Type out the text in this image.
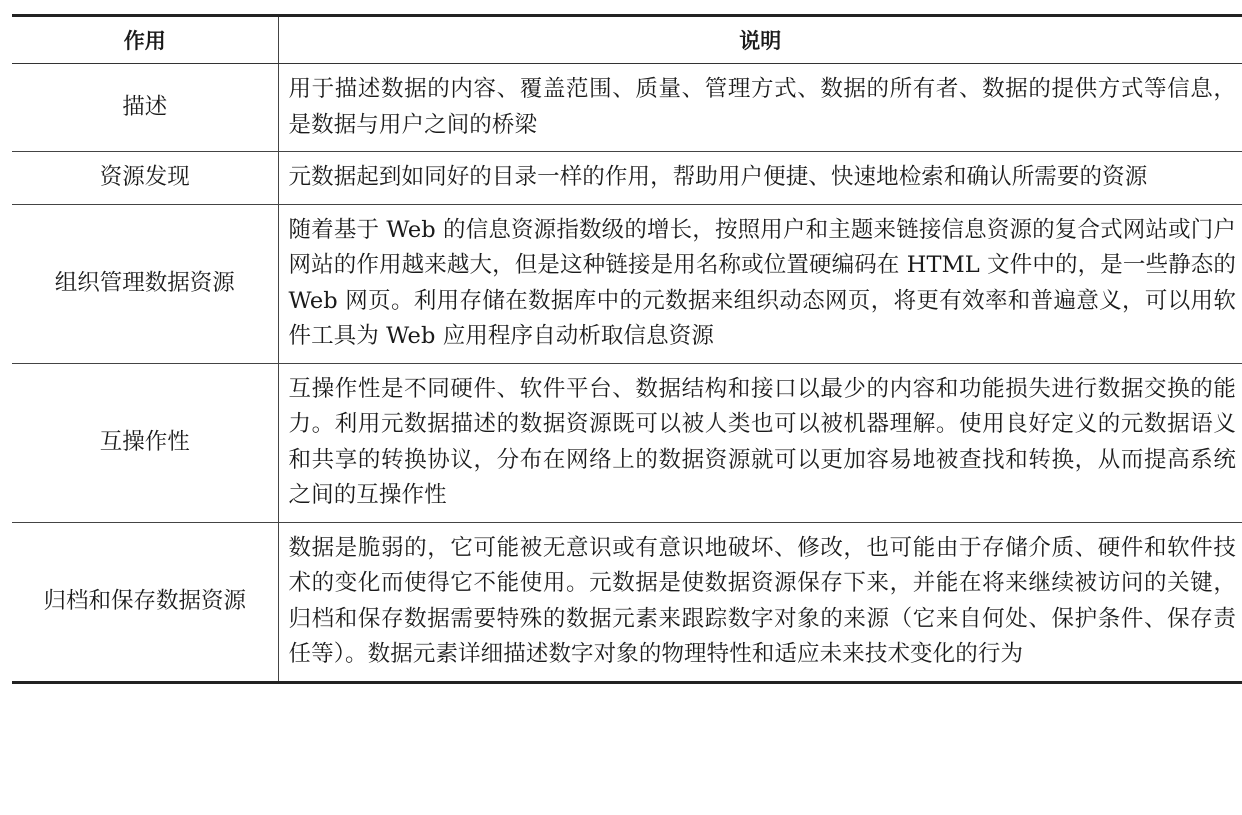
作用	说明
描述	用于描述数据的内容、覆盖范围、质量、管理方式、数据的所有者、数据的提供方式等信息，是数据与用户之间的桥梁
资源发现	元数据起到如同好的目录一样的作用，帮助用户便捷、快速地检索和确认所需要的资源
组织管理数据资源	随着基于 Web 的信息资源指数级的增长，按照用户和主题来链接信息资源的复合式网站或门户网站的作用越来越大，但是这种链接是用名称或位置硬编码在 HTML 文件中的，是一些静态的 Web 网页。利用存储在数据库中的元数据来组织动态网页，将更有效率和普遍意义，可以用软件工具为 Web 应用程序自动析取信息资源
互操作性	互操作性是不同硬件、软件平台、数据结构和接口以最少的内容和功能损失进行数据交换的能力。利用元数据描述的数据资源既可以被人类也可以被机器理解。使用良好定义的元数据语义和共享的转换协议，分布在网络上的数据资源就可以更加容易地被查找和转换，从而提高系统之间的互操作性
归档和保存数据资源	数据是脆弱的，它可能被无意识或有意识地破坏、修改，也可能由于存储介质、硬件和软件技术的变化而使得它不能使用。元数据是使数据资源保存下来，并能在将来继续被访问的关键，归档和保存数据需要特殊的数据元素来跟踪数字对象的来源（它来自何处、保护条件、保存责任等）。数据元素详细描述数字对象的物理特性和适应未来技术变化的行为
